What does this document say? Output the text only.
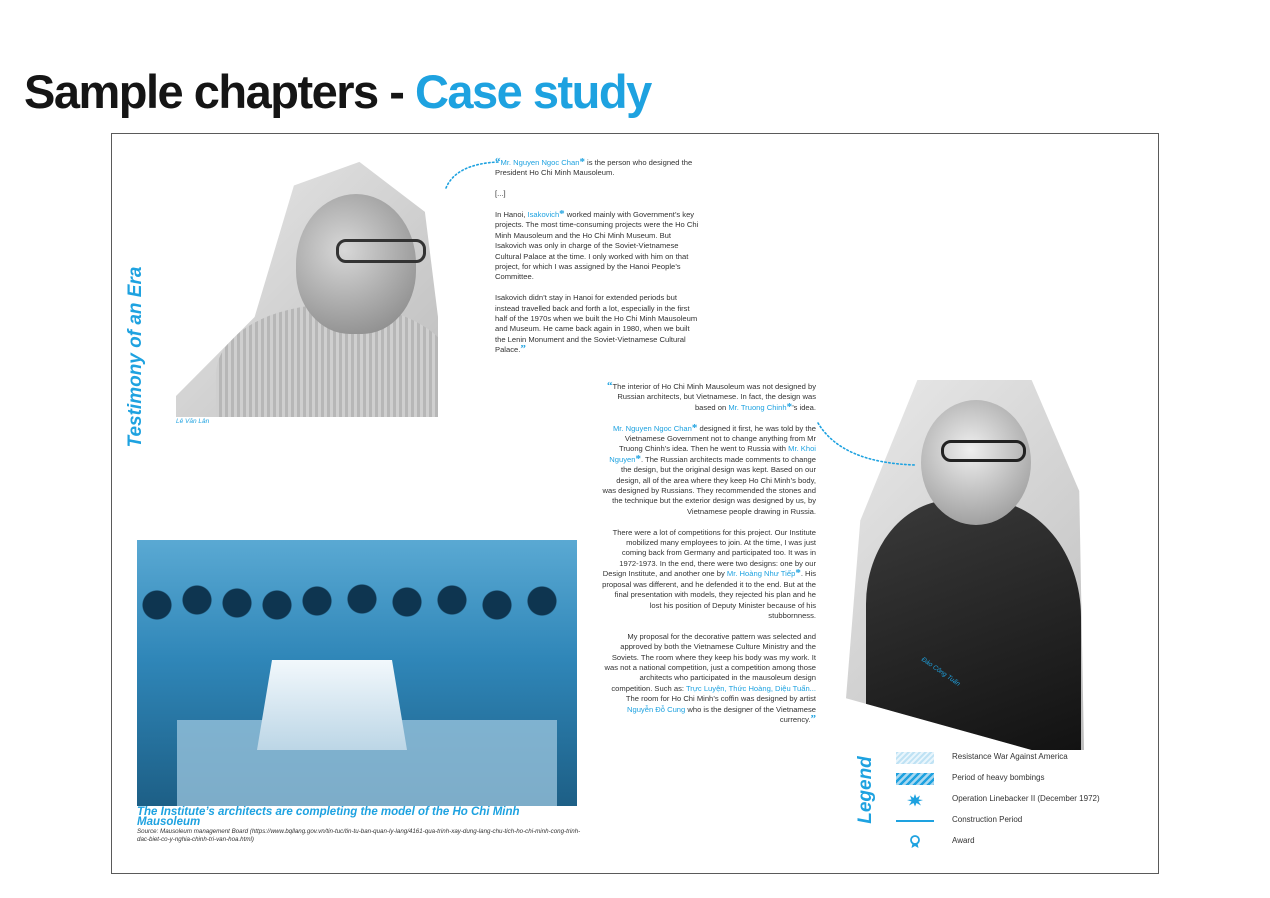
Sample chapters - Case study
Testimony of an Era	Lê Văn Lân

“Mr. Nguyen Ngoc Chan* is the person who designed the President Ho Chi Minh Mausoleum.

[...]

In Hanoi, Isakovich* worked mainly with Government’s key projects. The most time-consuming projects were the Ho Chi Minh Mausoleum and the Ho Chi Minh Museum. But Isakovich was only in charge of the Soviet-Vietnamese Cultural Palace at the time. I only worked with him on that project, for which I was assigned by the Hanoi People’s Committee.

Isakovich didn’t stay in Hanoi for extended periods but instead travelled back and forth a lot, especially in the first half of the 1970s when we built the Ho Chi Minh Mausoleum and Museum. He came back again in 1980, when we built the Lenin Monument and the Soviet-Vietnamese Cultural Palace.”

Đào Công Tuấn

“The interior of Ho Chi Minh Mausoleum was not designed by Russian architects, but Vietnamese. In fact, the design was based on Mr. Truong Chinh*’s idea.

Mr. Nguyen Ngoc Chan* designed it first, he was told by the Vietnamese Government not to change anything from Mr Truong Chinh’s idea. Then he went to Russia with Mr. Khoi Nguyen*. The Russian architects made comments to change the design, but the original design was kept. Based on our design, all of the area where they keep Ho Chi Minh’s body, was designed by Russians. They recommended the stones and the technique but the exterior design was designed by us, by Vietnamese people drawing in Russia.

There were a lot of competitions for this project. Our Institute mobilized many employees to join. At the time, I was just coming back from Germany and participated too. It was in 1972-1973. In the end, there were two designs: one by our Design Institute, and another one by Mr. Hoàng Như Tiếp*. His proposal was different, and he defended it to the end. But at the final presentation with models, they rejected his plan and he lost his position of Deputy Minister because of his stubbornness.

My proposal for the decorative pattern was selected and approved by both the Vietnamese Culture Ministry and the Soviets. The room where they keep his body was my work. It was not a national competition, just a competition among those architects who participated in the mausoleum design competition. Such as: Trực Luyện, Thức Hoàng, Diệu Tuấn... The room for Ho Chi Minh’s coffin was designed by artist Nguyễn Đỗ Cung who is the designer of the Vietnamese currency.”

The Institute’s architects are completing the model of the Ho Chi Minh Mausoleum
Source: Mausoleum management Board (https://www.bqllang.gov.vn/tin-tuc/tin-tu-ban-quan-ly-lang/4161-qua-trinh-xay-dung-lang-chu-tich-ho-chi-minh-cong-trinh-dac-biet-co-y-nghia-chinh-tri-van-hoa.html)
Legend	Resistance War Against America
Period of heavy bombings
Operation Linebacker II (December 1972)
Construction Period
Award
